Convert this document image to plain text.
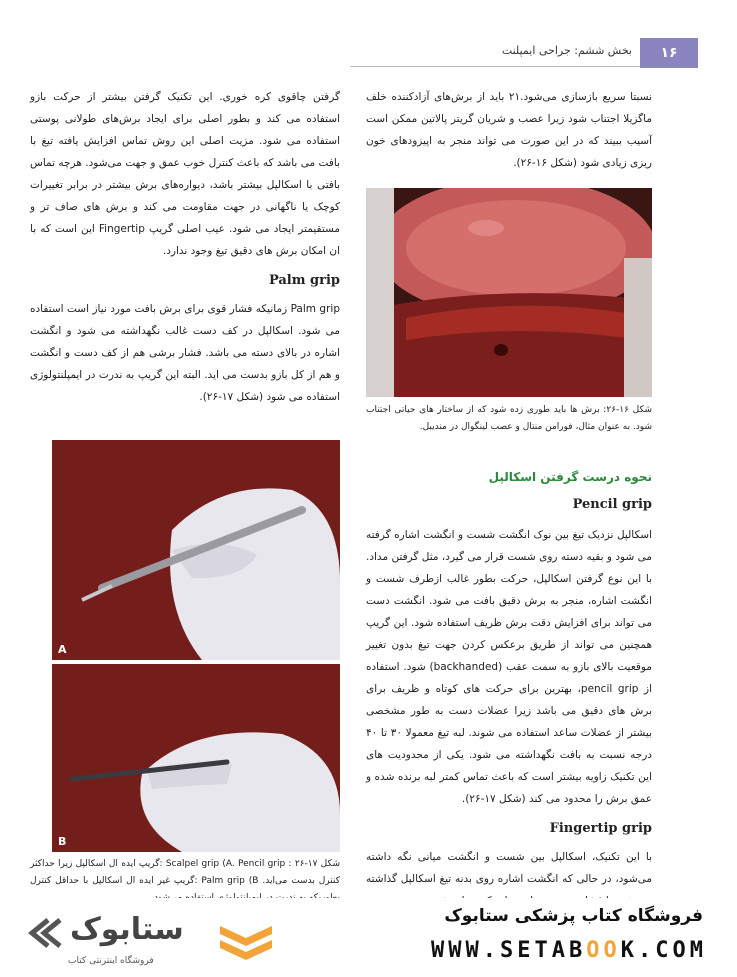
۱۶
بخش ششم: جراحی ایمپلنت

نسبتا سریع بازسازی می‌شود.۲۱ باید از برش‌های آزادکننده خلف ماگزیلا اجتناب شود زیرا عصب و شریان گریتر پالاتین ممکن است آسیب ببیند که در این صورت می تواند منجر به اپیزودهای خون ریزی زیادی شود (شکل ۱۶-۲۶).

شکل ۱۶-۲۶: برش ها باید طوری زده شود که از ساختار های حیاتی اجتناب شود. به عنوان مثال، فورامن منتال و عصب لینگوال در منديبل.

نحوه درست گرفتن اسکالپل

Pencil grip

اسکالپل نزدیک تیغ بین نوک انگشت شست و انگشت اشاره گرفته می شود و بقیه دسته روی شست قرار می گیرد، مثل گرفتن مداد. با این نوع گرفتن اسکالپل، حرکت بطور غالب ازطرف شست و انگشت اشاره، منجر به برش دقیق بافت می شود. انگشت دست می تواند برای افزایش دقت برش ظریف استفاده شود. این گریپ همچنین می تواند از طریق برعکس کردن جهت تیغ بدون تغییر موقعیت بالای بازو به سمت عقب (backhanded) شود. استفاده از pencil grip، بهترین برای حرکت های کوتاه و ظریف برای برش های دقیق می باشد زیرا عضلات دست به طور مشخصی بیشتر از عضلات ساعد استفاده می شوند. لبه تیغ معمولا ۳۰ تا ۴۰ درجه نسبت به بافت نگهداشته می شود. یکی از محدودیت های این تکنیک زاویه بیشتر است که باعث تماس کمتر لبه برنده شده و عمق برش را محدود می کند (شکل ۱۷-۲۶).

Fingertip grip

با این تکنیک، اسکالپل بین شست و انگشت میانی نگه داشته می‌شود، در حالی که انگشت اشاره روی بدنه تیغ اسکالپل گذاشته

گرفتن چاقوی کره خوری. این تکنیک گرفتن بیشتر از حرکت بازو استفاده می کند و بطور اصلی برای ایجاد برش‌های طولانی پوستی استفاده می شود. مزیت اصلی این روش تماس افزایش یافته تیغ با بافت می باشد که باعث کنترل خوب عمق و جهت می‌شود. هرچه تماس بافتی با اسکالپل بیشتر باشد، دیواره‌های برش بیشتر در برابر تغییرات کوچک یا ناگهانی در جهت مقاومت می کند و برش های صاف تر و مستقیمتر ایجاد می شود. عیب اصلی گریپ Fingertip این است که با ان امکان برش های دقیق تیغ وجود ندارد.

Palm grip

Palm grip زمانیکه فشار قوی برای برش بافت مورد نیاز است استفاده می شود. اسکالپل در کف دست غالب نگهداشته می شود و انگشت اشاره در بالای دسته می باشد. فشار برشی هم از کف دست و انگشت و هم از کل بازو بدست می اید. البته این گریپ به ندرت در ایمپلنتولوژی استفاده می شود (شکل ۱۷-۲۶).

A
B

شکل ۱۷-۲۶ : Scalpel grip (A. Pencil grip :گریپ ایده ال اسکالپل زیرا حداکثر کنترل بدست می‌اید. Palm grip (B :گریپ غیر ایده ال اسکالپل با حداقل کنترل

فروشگاه کتاب پزشکی ستابوک
WWW.SETABOOK.COM
ستابوک
فروشگاه اینترنتی کتاب
